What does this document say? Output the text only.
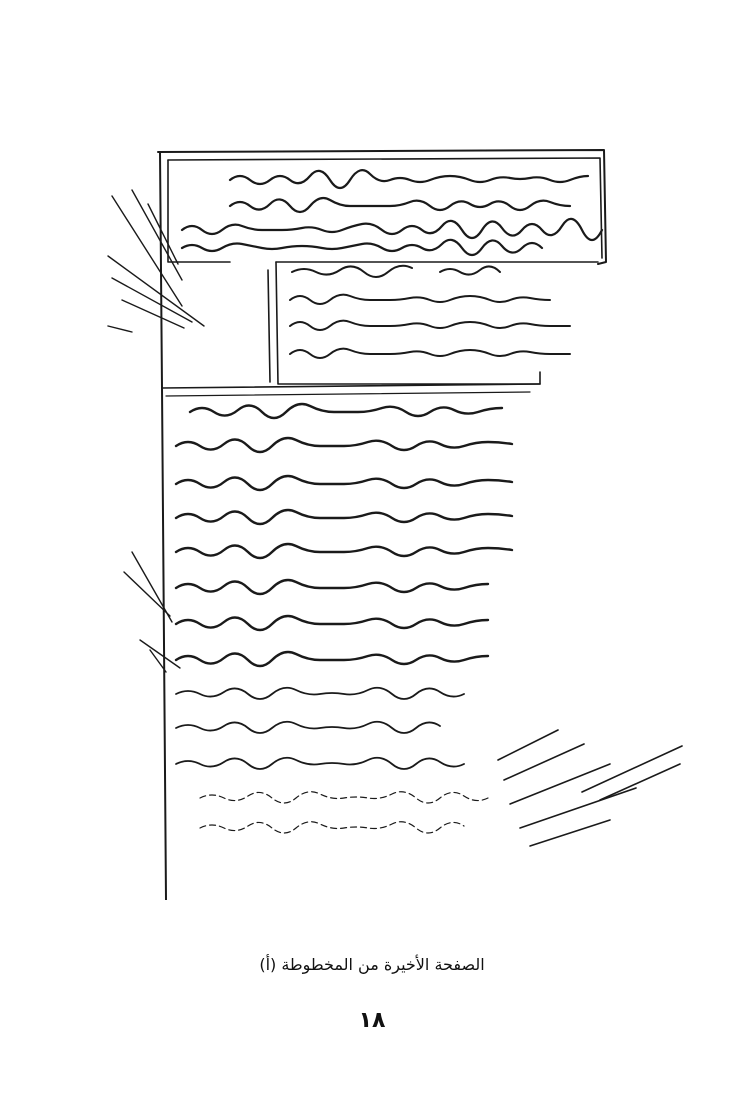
الصفحة الأخيرة من المخطوطة (أ)
١٨
